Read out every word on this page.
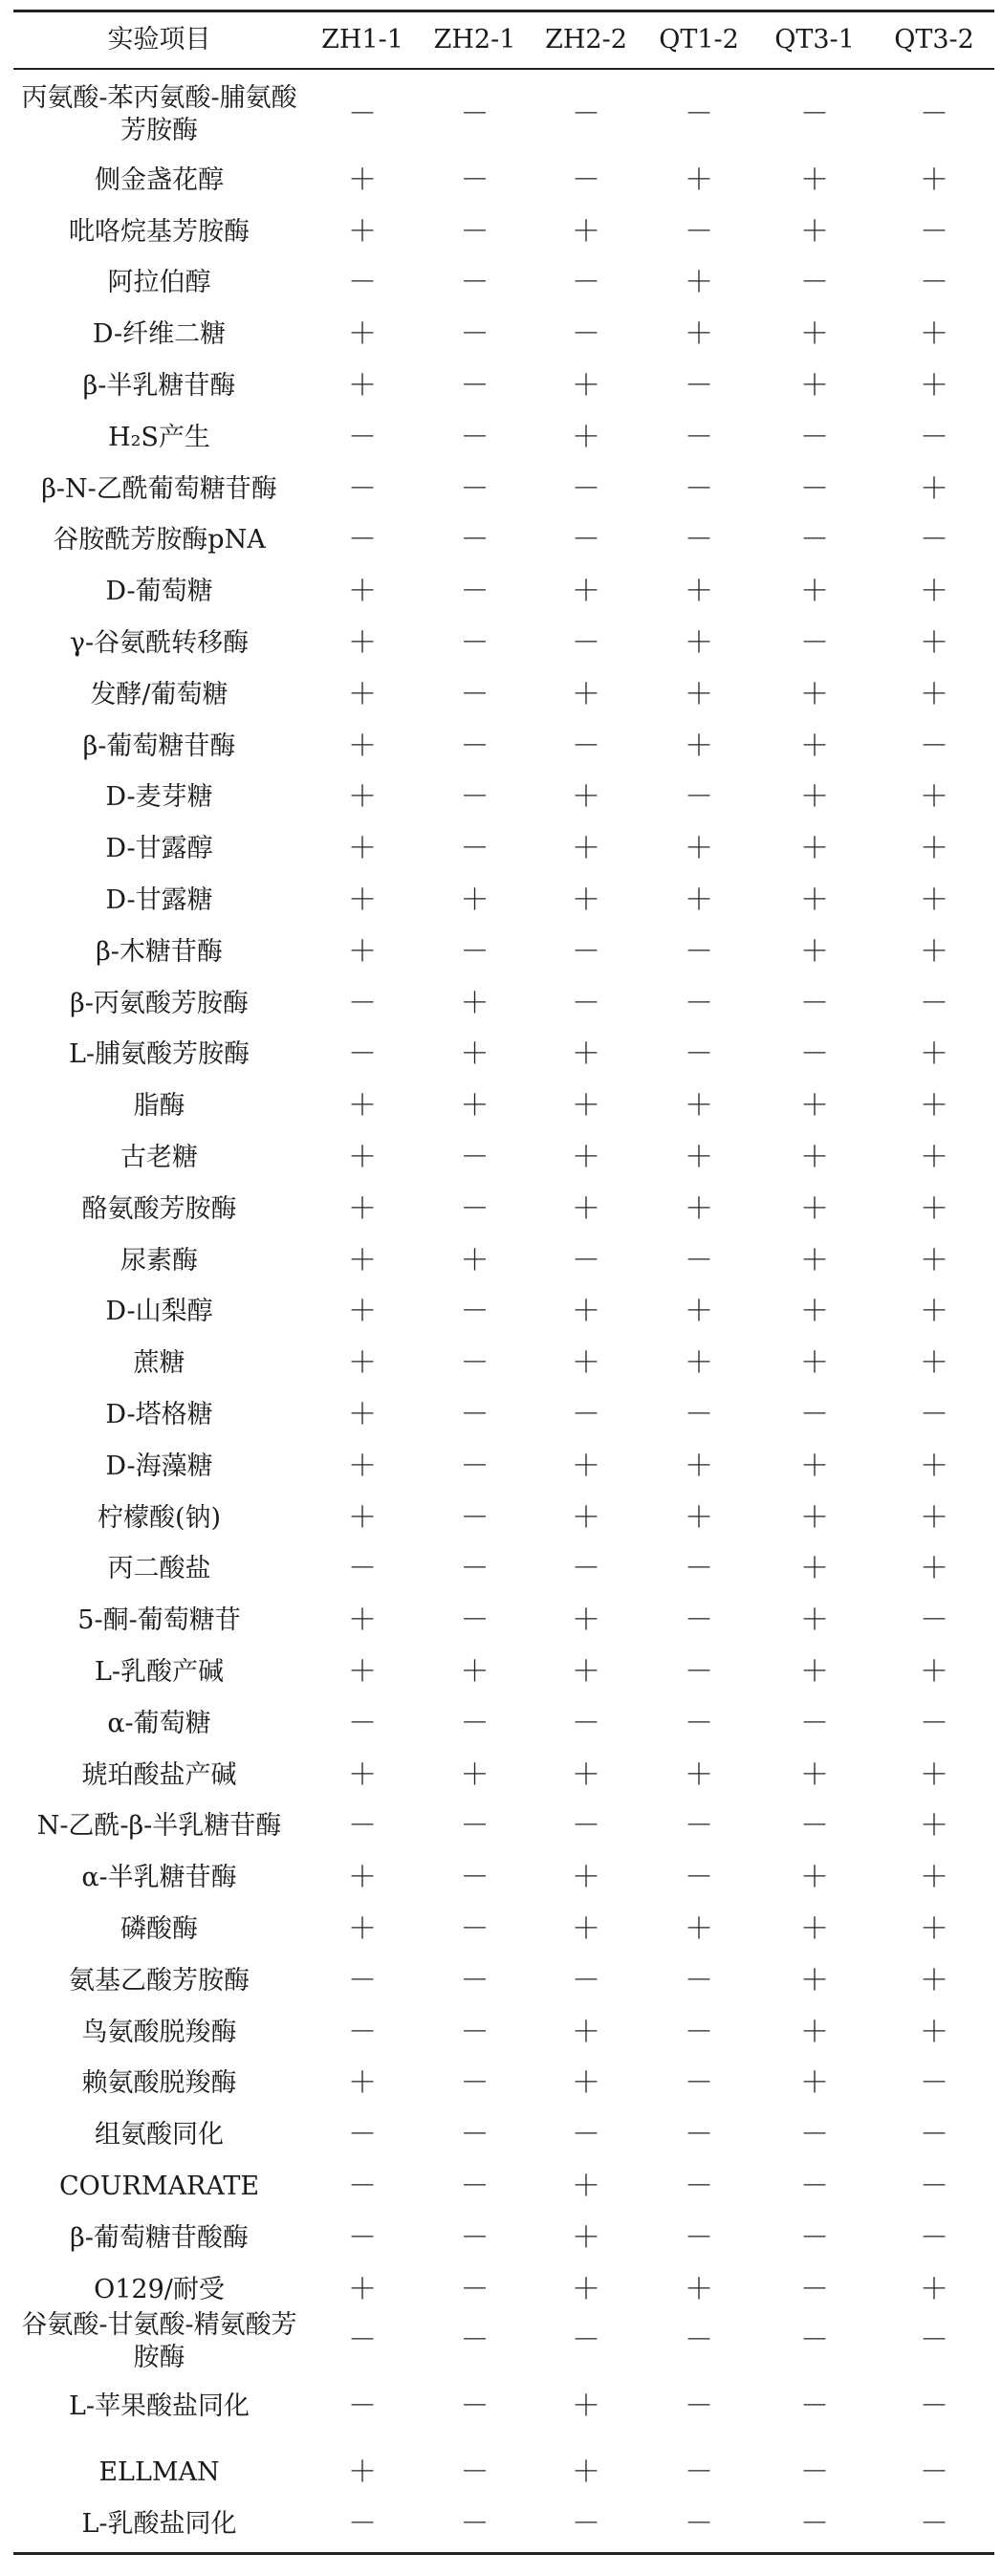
实验项目	ZH1-1	ZH2-1	ZH2-2	QT1-2	QT3-1	QT3-2
丙氨酸-苯丙氨酸-脯氨酸芳胺酶	－	－	－	－	－	－
侧金盏花醇	＋	－	－	＋	＋	＋
吡咯烷基芳胺酶	＋	－	＋	－	＋	－
阿拉伯醇	－	－	－	＋	－	－
D-纤维二糖	＋	－	－	＋	＋	＋
β-半乳糖苷酶	＋	－	＋	－	＋	＋
H₂S产生	－	－	＋	－	－	－
β-N-乙酰葡萄糖苷酶	－	－	－	－	－	＋
谷胺酰芳胺酶pNA	－	－	－	－	－	－
D-葡萄糖	＋	－	＋	＋	＋	＋
γ-谷氨酰转移酶	＋	－	－	＋	－	＋
发酵/葡萄糖	＋	－	＋	＋	＋	＋
β-葡萄糖苷酶	＋	－	－	＋	＋	－
D-麦芽糖	＋	－	＋	－	＋	＋
D-甘露醇	＋	－	＋	＋	＋	＋
D-甘露糖	＋	＋	＋	＋	＋	＋
β-木糖苷酶	＋	－	－	－	＋	＋
β-丙氨酸芳胺酶	－	＋	－	－	－	－
L-脯氨酸芳胺酶	－	＋	＋	－	－	＋
脂酶	＋	＋	＋	＋	＋	＋
古老糖	＋	－	＋	＋	＋	＋
酪氨酸芳胺酶	＋	－	＋	＋	＋	＋
尿素酶	＋	＋	－	－	＋	＋
D-山梨醇	＋	－	＋	＋	＋	＋
蔗糖	＋	－	＋	＋	＋	＋
D-塔格糖	＋	－	－	－	－	－
D-海藻糖	＋	－	＋	＋	＋	＋
柠檬酸(钠)	＋	－	＋	＋	＋	＋
丙二酸盐	－	－	－	－	＋	＋
5-酮-葡萄糖苷	＋	－	＋	－	＋	－
L-乳酸产碱	＋	＋	＋	－	＋	＋
α-葡萄糖	－	－	－	－	－	－
琥珀酸盐产碱	＋	＋	＋	＋	＋	＋
N-乙酰-β-半乳糖苷酶	－	－	－	－	－	＋
α-半乳糖苷酶	＋	－	＋	－	＋	＋
磷酸酶	＋	－	＋	＋	＋	＋
氨基乙酸芳胺酶	－	－	－	－	＋	＋
鸟氨酸脱羧酶	－	－	＋	－	＋	＋
赖氨酸脱羧酶	＋	－	＋	－	＋	－
组氨酸同化	－	－	－	－	－	－
COURMARATE	－	－	＋	－	－	－
β-葡萄糖苷酸酶	－	－	＋	－	－	－
O129/耐受	＋	－	＋	＋	－	＋
谷氨酸-甘氨酸-精氨酸芳胺酶	－	－	－	－	－	－
L-苹果酸盐同化	－	－	＋	－	－	－
ELLMAN	＋	－	＋	－	－	－
L-乳酸盐同化	－	－	－	－	－	－
